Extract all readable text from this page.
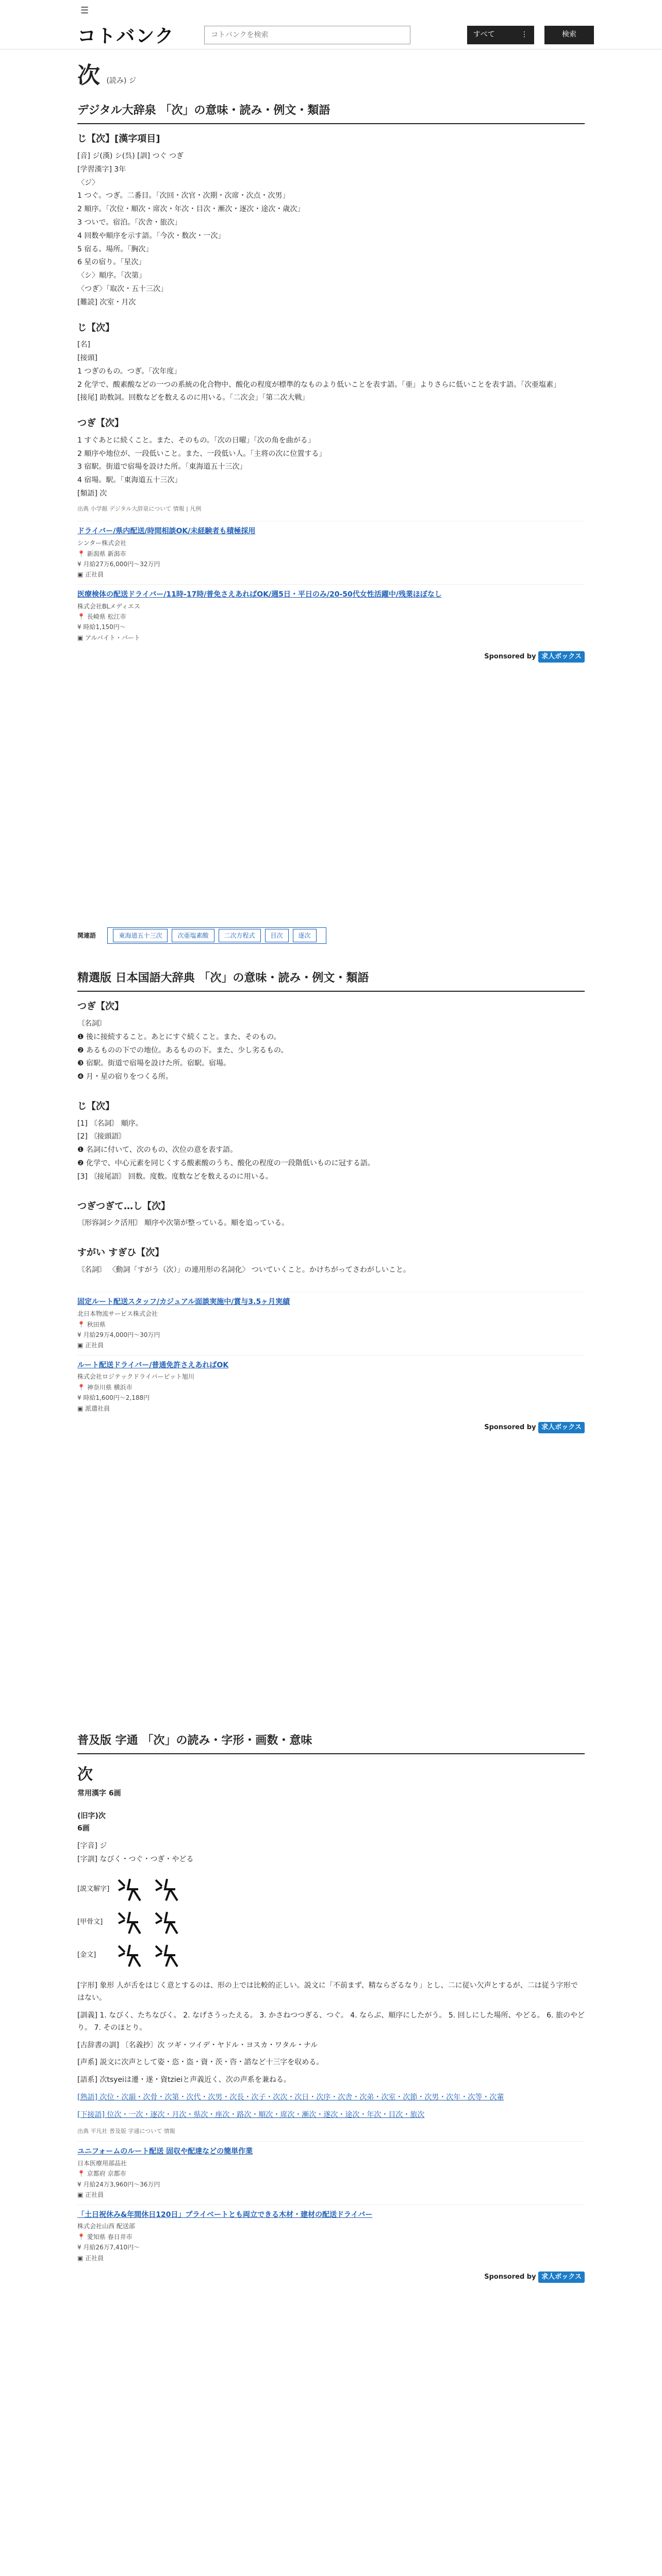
☰
コトバンク
コトバンクを検索	すべて	⋮	検索
次 (読み) ジ
デジタル大辞泉 「次」の意味・読み・例文・類語
じ【次】[漢字項目]
[音] ジ(漢) シ(呉) [訓] つぐ つぎ
[学習漢字] 3年
〈ジ〉
1 つぐ。つぎ。二番目。「次回・次官・次期・次席・次点・次男」
2 順序。「次位・順次・席次・年次・目次・漸次・逐次・途次・歳次」
3 ついで。宿泊。「次舎・旅次」
4 回数や順序を示す語。「今次・数次・一次」
5 宿る。場所。「胸次」
6 星の宿り。「星次」
〈シ〉順序。「次第」
〈つぎ〉「取次・五十三次」
[難読] 次室・月次
じ【次】
[名]
[接頭]
1 つぎのもの。つぎ。「次年度」
2 化学で、酸素酸などの一つの系統の化合物中、酸化の程度が標準的なものより低いことを表す語。「亜」よりさらに低いことを表す語。「次亜塩素」
[接尾] 助数詞。回数などを数えるのに用いる。「二次会」「第二次大戦」
つぎ【次】
1 すぐあとに続くこと。また、そのもの。「次の日曜」「次の角を曲がる」
2 順序や地位が、一段低いこと。また、一段低い人。「主将の次に位置する」
3 宿駅。街道で宿場を設けた所。「東海道五十三次」
4 宿場。駅。「東海道五十三次」
[類語] 次
出典 小学館 デジタル大辞泉について 情報 | 凡例
ドライバー/県内配送/時間相談OK/未経験者も積極採用
シンター株式会社
📍 新潟県 新潟市
¥ 月給27万6,000円〜32万円
▣ 正社員
医療検体の配送ドライバー/11時-17時/普免さえあればOK/週5日・平日のみ/20-50代女性活躍中/残業ほぼなし
株式会社BLメディエス
📍 長崎県 松江市
¥ 時給1,150円〜
▣ アルバイト・パート
Sponsored by 求人ボックス
関連語	東海道五十三次	次亜塩素酸	二次方程式	目次	逐次
精選版 日本国語大辞典 「次」の意味・読み・例文・類語
つぎ【次】
〘名詞〙
❶ 後に接続すること。あとにすぐ続くこと。また、そのもの。
❷ あるものの下での地位。あるものの下。また、少し劣るもの。
❸ 宿駅。街道で宿場を設けた所。宿駅。宿場。
❹ 月・星の宿りをつくる所。
じ【次】
[1] 〘名詞〙 順序。
[2] 〘接頭語〙
❶ 名詞に付いて、次のもの、次位の意を表す語。
❷ 化学で、中心元素を同じくする酸素酸のうち、酸化の程度の一段階低いものに冠する語。
[3] 〘接尾語〙 回数。度数。度数などを数えるのに用いる。
つぎつぎて…し【次】
〘形容詞シク活用〙 順序や次第が整っている。順を追っている。
すがい すぎひ【次】
〘名詞〙 〈動詞「すがう（次）」の連用形の名詞化〉 ついていくこと。かけちがってさわがしいこと。
固定ルート配送スタッフ/カジュアル面談実施中/賞与3.5ヶ月実績
北日本物流サービス株式会社
📍 秋田県
¥ 月給29万4,000円〜30万円
▣ 正社員
ルート配送ドライバー/普通免許さえあればOK
株式会社ロジテックドライバーピット旭川
📍 神奈川県 横浜市
¥ 時給1,600円〜2,188円
▣ 派遣社員
Sponsored by 求人ボックス
普及版 字通 「次」の読み・字形・画数・意味
次
常用漢字 6画
(旧字)次
6画
[字音] ジ
[字訓] なびく・つぐ・つぎ・やどる
[説文解字]
[甲骨文]
[金文]
[字形] 象形 人が舌をはじく意とするのは、形の上では比較的正しい。説文に「不前まず、精ならざるなり」とし、二に従い欠声とするが、二は従う字形ではない。
[訓義] 1. なびく、たちなびく。 2. なげさうったえる。 3. かさねつつぎる、つぐ。 4. ならぶ、順序にしたがう。 5. 回しにした場所、やどる。 6. 旅のやどり。 7. そのほとり。
[古辞書の訓] 〔名義抄〕次 ツギ・ツイデ・ヤドル・ヨスカ・ワタル・ナル
[声系] 説文に次声として姿・恣・盗・資・茨・咨・諮など十三字を収める。
[語系] 次tsyeiは遷・遂・資tzieiと声義近く、次の声系を兼ねる。
[熟語] 次位・次韻・次骨・次第・次代・次男・次長・次子・次次・次日・次序・次舎・次弟・次室・次節・次男・次年・次等・次輩
[下接語] 位次・一次・逐次・月次・県次・座次・路次・順次・席次・漸次・遂次・途次・年次・目次・旅次
出典 平凡社 普及版 字通について 情報
ユニフォームのルート配送 固収や配達などの簡単作業
日本医療用部品社
📍 京都府 京都市
¥ 月給24万3,960円〜36万円
▣ 正社員
「土日祝休み&年間休日120日」プライベートとも両立できる木材・建材の配送ドライバー
株式会社山西 配送部
📍 愛知県 春日井市
¥ 月給26万7,410円〜
▣ 正社員
Sponsored by 求人ボックス
